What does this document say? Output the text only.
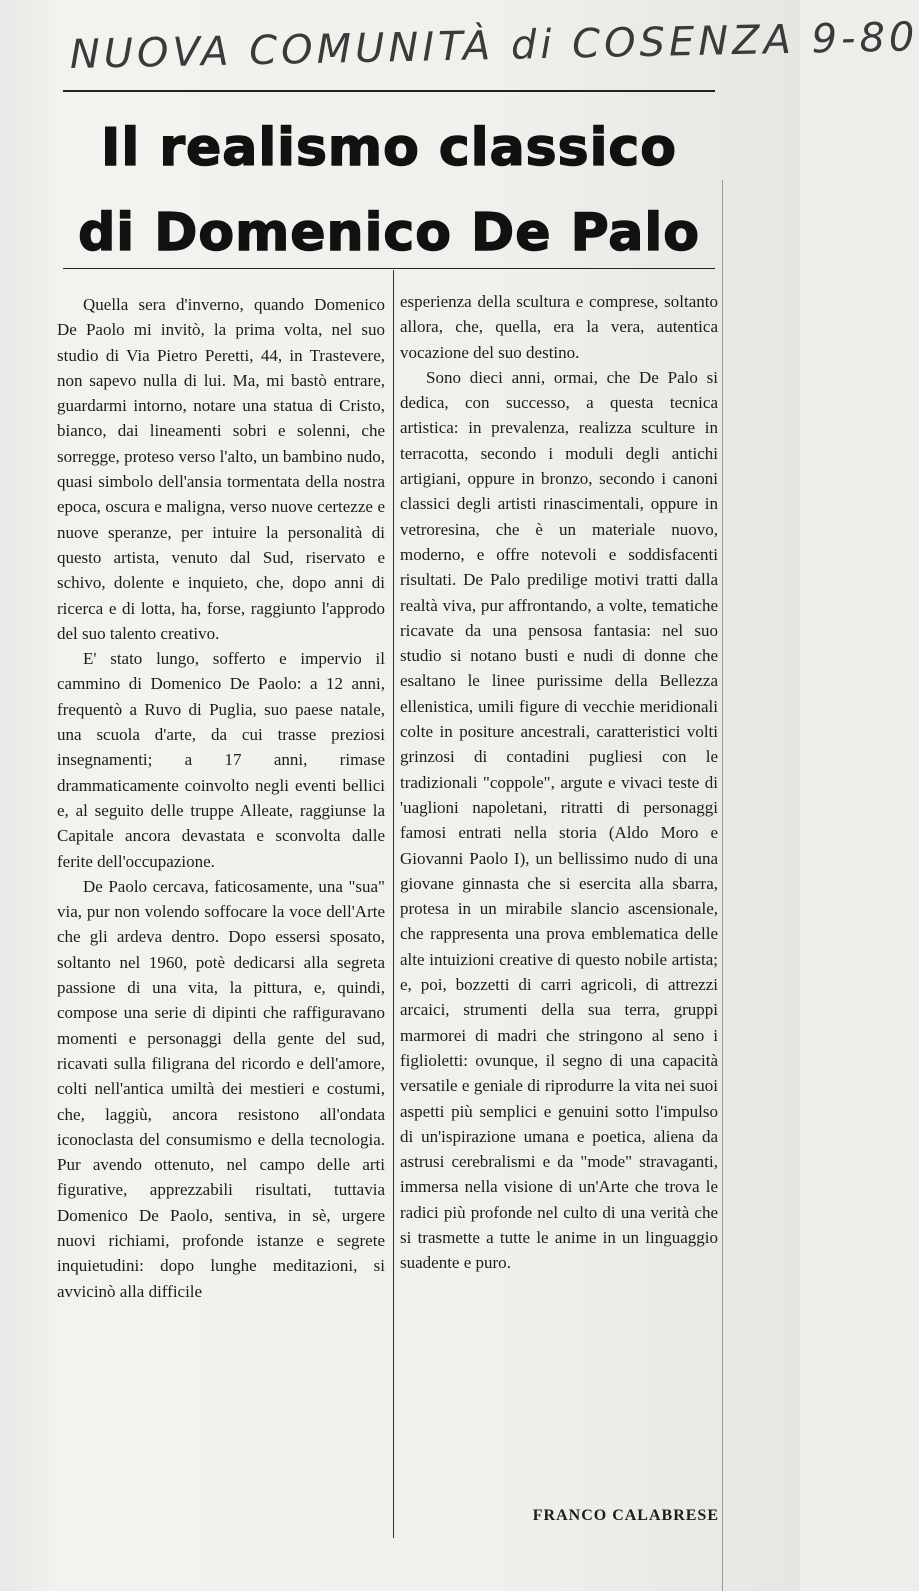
NUOVA COMUNITÀ di COSENZA 9-80
Il realismo classico
di Domenico De Palo

Quella sera d'inverno, quando Domenico De Paolo mi invitò, la prima volta, nel suo studio di Via Pietro Peretti, 44, in Trastevere, non sapevo nulla di lui. Ma, mi bastò entrare, guardarmi intorno, notare una statua di Cristo, bianco, dai lineamenti sobri e solenni, che sorregge, proteso verso l'alto, un bambino nudo, quasi simbolo dell'ansia tormentata della nostra epoca, oscura e maligna, verso nuove certezze e nuove speranze, per intuire la personalità di questo artista, venuto dal Sud, riservato e schivo, dolente e inquieto, che, dopo anni di ricerca e di lotta, ha, forse, raggiunto l'approdo del suo talento creativo.

E' stato lungo, sofferto e impervio il cammino di Domenico De Paolo: a 12 anni, frequentò a Ruvo di Puglia, suo paese natale, una scuola d'arte, da cui trasse preziosi insegnamenti; a 17 anni, rimase drammaticamente coinvolto negli eventi bellici e, al seguito delle truppe Alleate, raggiunse la Capitale ancora devastata e sconvolta dalle ferite dell'occupazione.

De Paolo cercava, faticosamente, una "sua" via, pur non volendo soffocare la voce dell'Arte che gli ardeva dentro. Dopo essersi sposato, soltanto nel 1960, potè dedicarsi alla segreta passione di una vita, la pittura, e, quindi, compose una serie di dipinti che raffiguravano momenti e personaggi della gente del sud, ricavati sulla filigrana del ricordo e dell'amore, colti nell'antica umiltà dei mestieri e costumi, che, laggiù, ancora resistono all'ondata iconoclasta del consumismo e della tecnologia. Pur avendo ottenuto, nel campo delle arti figurative, apprezzabili risultati, tuttavia Domenico De Paolo, sentiva, in sè, urgere nuovi richiami, profonde istanze e segrete inquietudini: dopo lunghe meditazioni, si avvicinò alla difficile

esperienza della scultura e comprese, soltanto allora, che, quella, era la vera, autentica vocazione del suo destino.

Sono dieci anni, ormai, che De Palo si dedica, con successo, a questa tecnica artistica: in prevalenza, realizza sculture in terracotta, secondo i moduli degli antichi artigiani, oppure in bronzo, secondo i canoni classici degli artisti rinascimentali, oppure in vetroresina, che è un materiale nuovo, moderno, e offre notevoli e soddisfacenti risultati. De Palo predilige motivi tratti dalla realtà viva, pur affrontando, a volte, tematiche ricavate da una pensosa fantasia: nel suo studio si notano busti e nudi di donne che esaltano le linee purissime della Bellezza ellenistica, umili figure di vecchie meridionali colte in positure ancestrali, caratteristici volti grinzosi di contadini pugliesi con le tradizionali "coppole", argute e vivaci teste di 'uaglioni napoletani, ritratti di personaggi famosi entrati nella storia (Aldo Moro e Giovanni Paolo I), un bellissimo nudo di una giovane ginnasta che si esercita alla sbarra, protesa in un mirabile slancio ascensionale, che rappresenta una prova emblematica delle alte intuizioni creative di questo nobile artista; e, poi, bozzetti di carri agricoli, di attrezzi arcaici, strumenti della sua terra, gruppi marmorei di madri che stringono al seno i figlioletti: ovunque, il segno di una capacità versatile e geniale di riprodurre la vita nei suoi aspetti più semplici e genuini sotto l'impulso di un'ispirazione umana e poetica, aliena da astrusi cerebralismi e da "mode" stravaganti, immersa nella visione di un'Arte che trova le radici più profonde nel culto di una verità che si trasmette a tutte le anime in un linguaggio suadente e puro.

FRANCO CALABRESE
